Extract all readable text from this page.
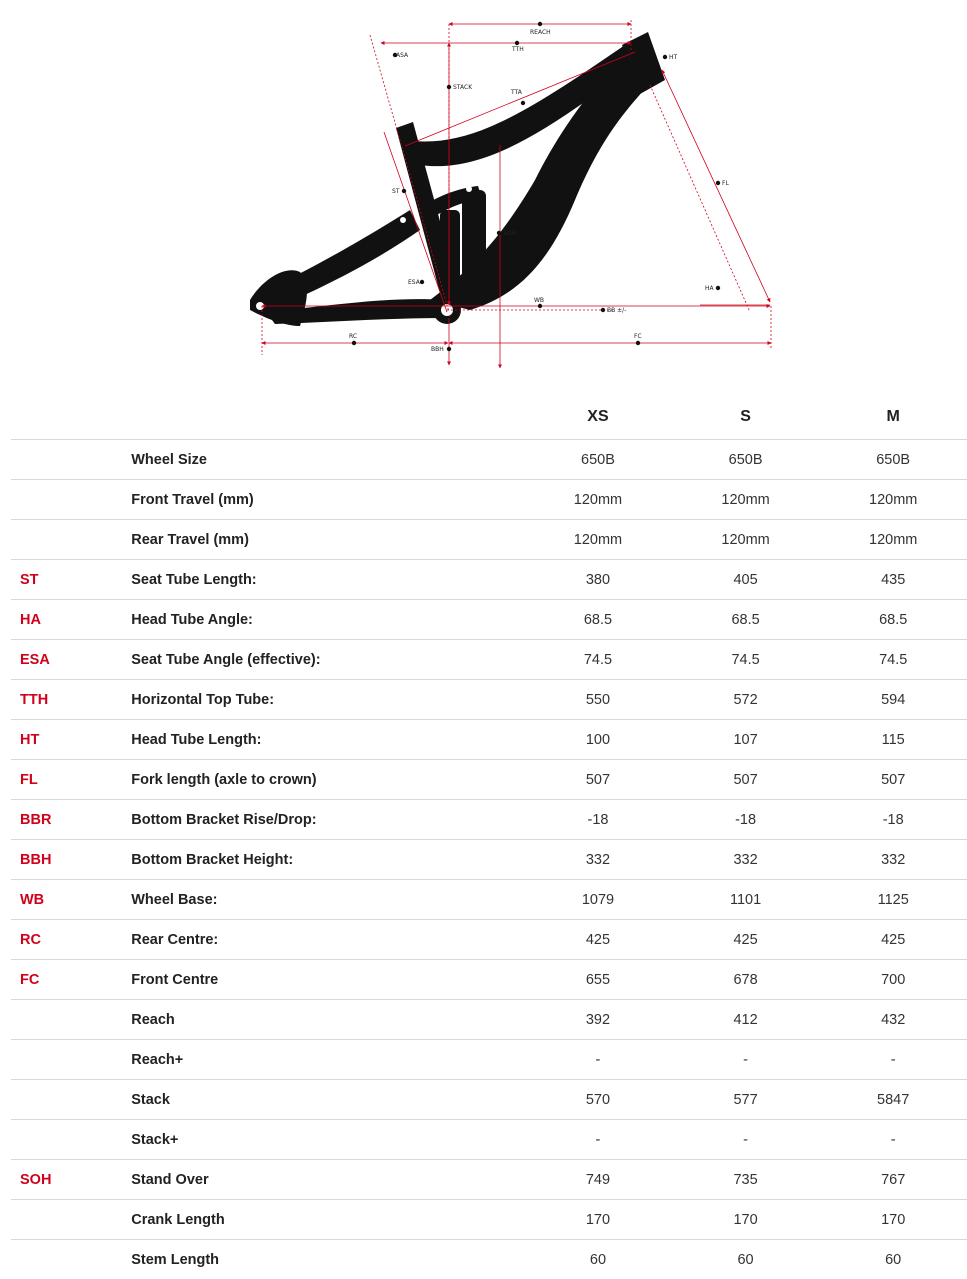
REACH
TTH
ASA	HT
STACK
TTA
ST
FL
SOH
ESA
HA
WB
BB ±/-
RC	FC
BBH
		XS	S	M
	Wheel Size	650B	650B	650B
	Front Travel (mm)	120mm	120mm	120mm
	Rear Travel (mm)	120mm	120mm	120mm
ST	Seat Tube Length:	380	405	435
HA	Head Tube Angle:	68.5	68.5	68.5
ESA	Seat Tube Angle (effective):	74.5	74.5	74.5
TTH	Horizontal Top Tube:	550	572	594
HT	Head Tube Length:	100	107	115
FL	Fork length (axle to crown)	507	507	507
BBR	Bottom Bracket Rise/Drop:	-18	-18	-18
BBH	Bottom Bracket Height:	332	332	332
WB	Wheel Base:	1079	1101	1125
RC	Rear Centre:	425	425	425
FC	Front Centre	655	678	700
	Reach	392	412	432
	Reach+	-	-	-
	Stack	570	577	5847
	Stack+	-	-	-
SOH	Stand Over	749	735	767
	Crank Length	170	170	170
	Stem Length	60	60	60
